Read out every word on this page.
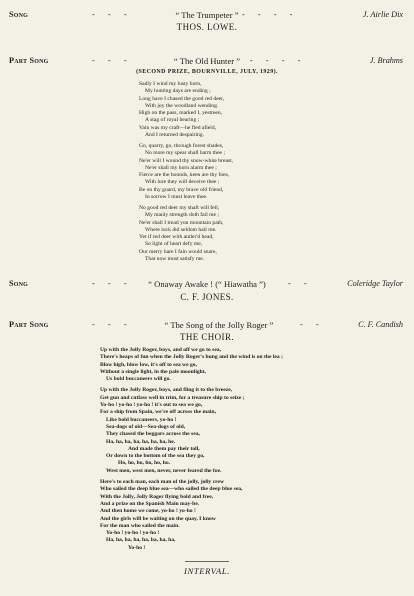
Song	-    -    -	“ The Trumpeter ” -    -    -    -	J. Airlie Dix
THOS. LOWE.
Part Song	-    -    -	“ The Old Hunter ”	-    -    -    -	J. Brahms
(SECOND PRIZE, BOURNVILLE, JULY, 1929).
Sadly I wind my lusty horn,
My hunting days are ending ;
Long have I chased the good red deer,
With joy the woodland wending.
High on the pass, marked I, yestreen,
A stag of royal bearing ;
Vain was my craft—he fled afield,
And I returned despairing.
Go, quarry, go, through forest shades,
No more my spear shall harm thee ;
Ne'er will I wound thy snow-white breast,
Ne'er shall my horn alarm thee ;
Fierce are the hounds, keen are thy foes,
With lure they will deceive thee ;
Be on thy guard, my brave old friend,
In sorrow I must leave thee.
No good red deer my shaft will fell,
My manly strength doth fail me ;
Ne'er shall I tread yon mountain path,
Where luck did seldom hail me.
Yet if red deer with antler'd head,
So light of heart defy me,
Our merry hare I fain would snare,
That now must satisfy me.
Song	-    -    -	“ Onaway Awake ! (“ Hiawatha ”)	-    -	Coleridge Taylor
C. F. JONES.
Part Song	-    -    -	“ The Song of the Jolly Roger ”	-    -	C. F. Candish
THE CHOIR.
Up with the Jolly Roger, boys, and off we go to sea,
There's heaps of fun when the Jolly Roger's hung and the wind is on the lea ;
Blow high, blow low, it's off to sea we go,
Without a single light, in the pale moonlight,
Us bold buccaneers will go.
Up with the Jolly Roger, boys, and fling it to the breeze,
Get gun and cutlass well in trim, for a treasure ship to seize ;
Yo-ho ! yo-ho ! yo-ho ! it's out to sea we go,
For a ship from Spain, we're off across the main,
Like bold buccaneers, yo-ho !
Sea-dogs of old—Sea-dogs of old,
They chased the beggars across the sea,
Ha, ha, ha, ha, ha, ha, ha, he.
And made them pay their toll,
Or down to the bottom of the sea they go,
Ho, ho, ho, ho, ho, ho.
West men, west men, never, never feared the foe.
Here's to each man, each man of the jolly, jolly crew
Who sailed the deep blue sea—who sailed the deep blue sea,
With the Jolly, Jolly Roger flying bold and free,
And a prize on the Spanish Main may-be.
And then home we come, yo-ho ! yo-ho !
And the girls will be waiting on the quay, I know
For the man who sailed the main.
Yo-ho ! yo-ho ! yo-ho !
Ha, ha, ha, ha, ha, ha, ha, ha,
Yo-ho !
INTERVAL.
